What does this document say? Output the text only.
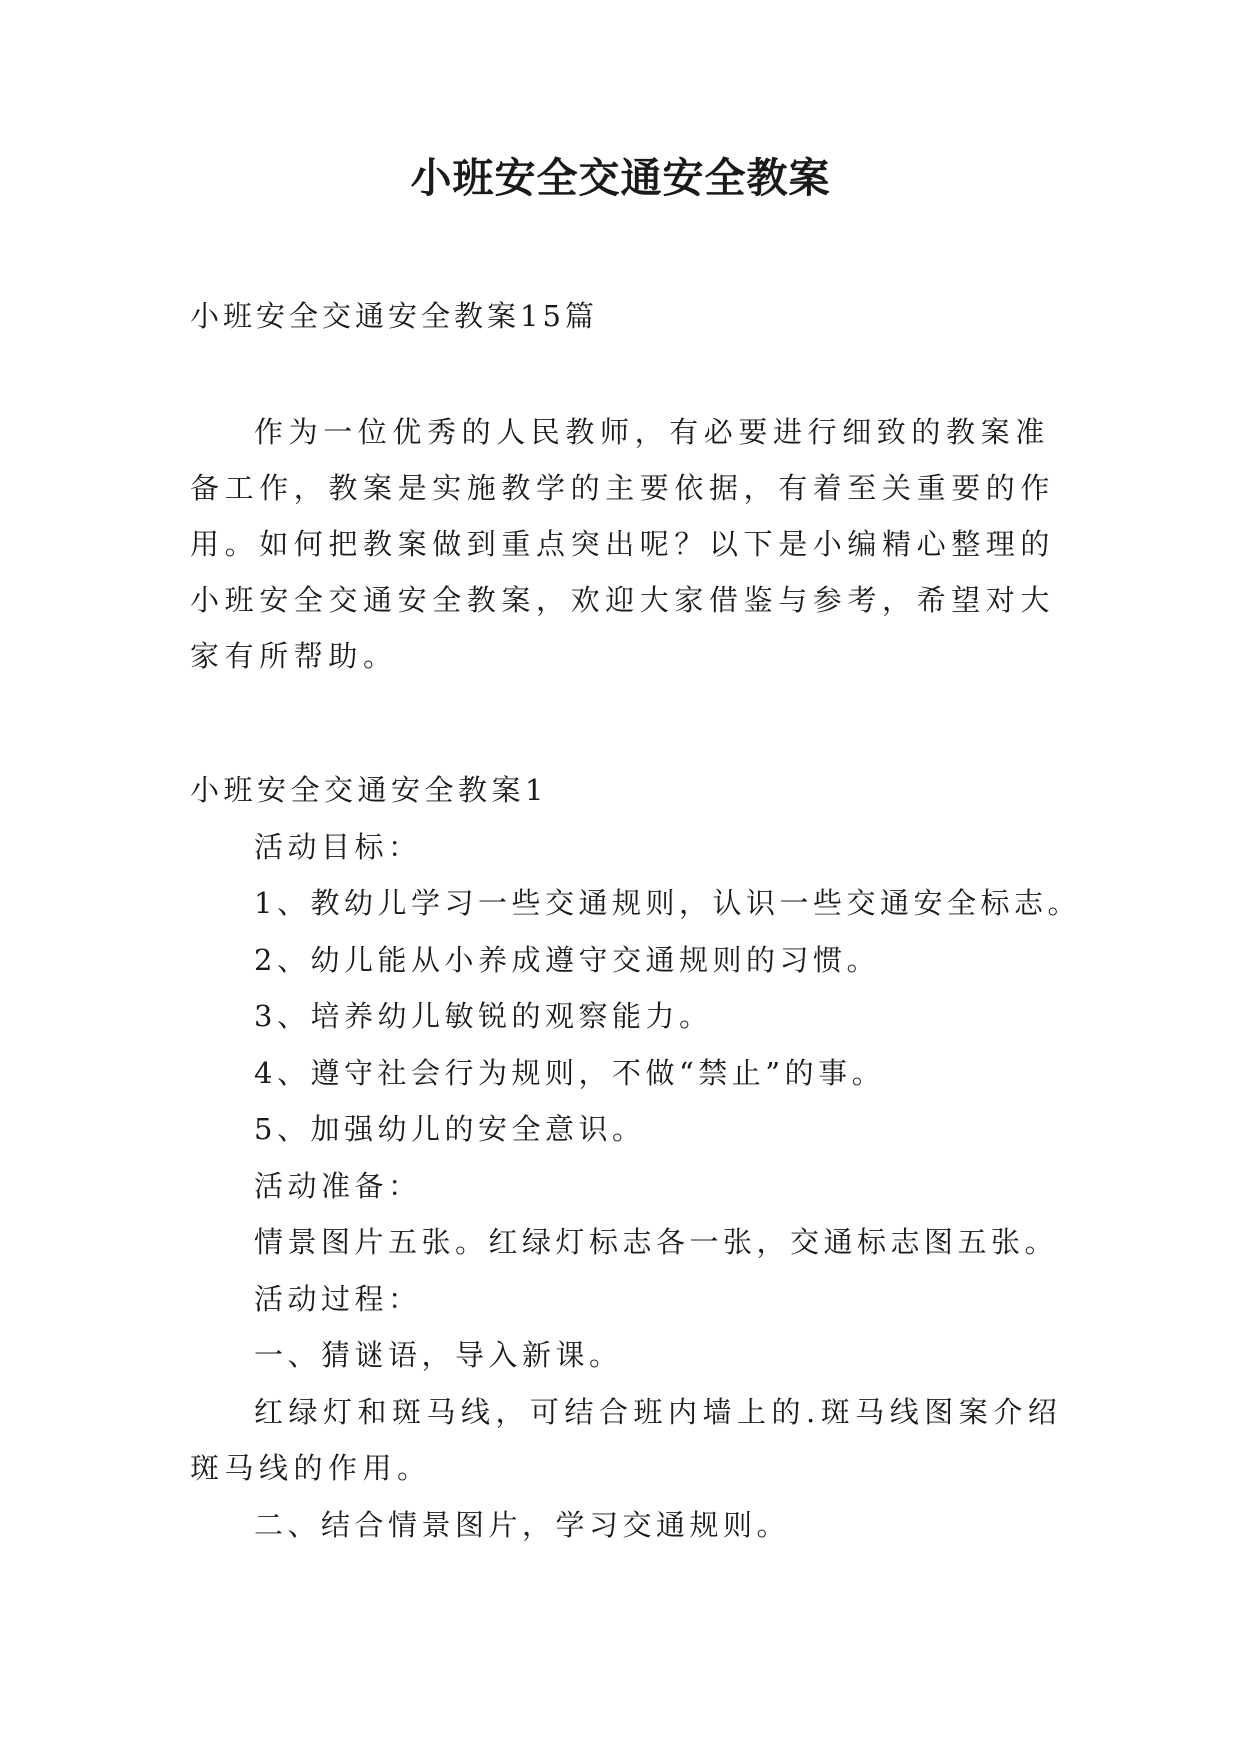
小班安全交通安全教案
小班安全交通安全教案15篇
作为一位优秀的人民教师，有必要进行细致的教案准备工作，教案是实施教学的主要依据，有着至关重要的作用。如何把教案做到重点突出呢？以下是小编精心整理的小班安全交通安全教案，欢迎大家借鉴与参考，希望对大家有所帮助。
小班安全交通安全教案1
活动目标：
1、教幼儿学习一些交通规则，认识一些交通安全标志。
2、幼儿能从小养成遵守交通规则的习惯。
3、培养幼儿敏锐的观察能力。
4、遵守社会行为规则，不做“禁止”的事。
5、加强幼儿的安全意识。
活动准备：
情景图片五张。红绿灯标志各一张，交通标志图五张。
活动过程：
一、猜谜语，导入新课。
红绿灯和斑马线，可结合班内墙上的.斑马线图案介绍斑马线的作用。
二、结合情景图片，学习交通规则。
